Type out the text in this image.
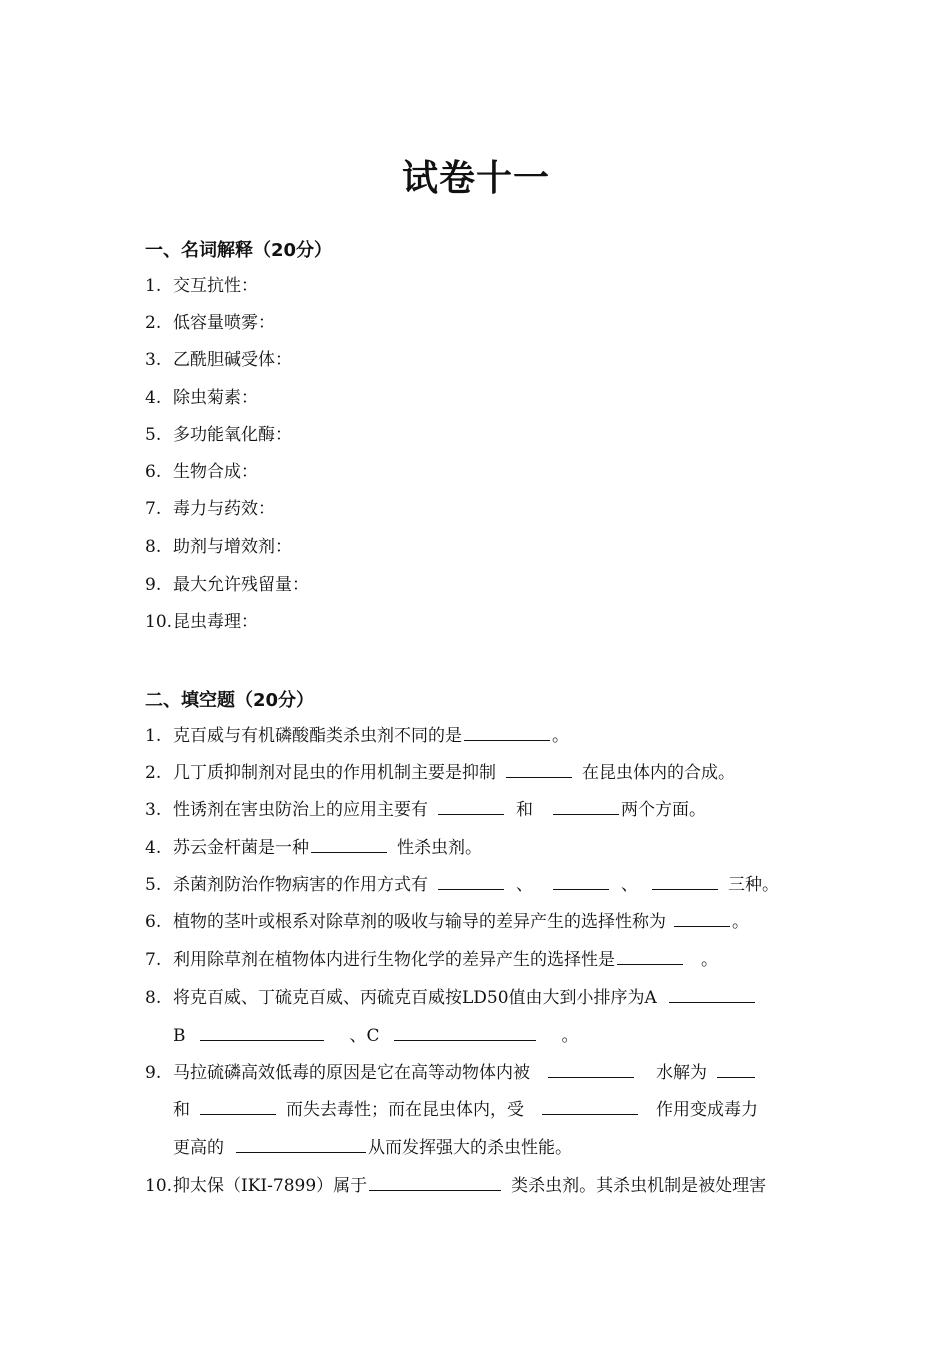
试卷十一
一、名词解释（20分）
1. 交互抗性：
2. 低容量喷雾：
3. 乙酰胆碱受体：
4. 除虫菊素：
5. 多功能氧化酶：
6. 生物合成：
7. 毒力与药效：
8. 助剂与增效剂：
9. 最大允许残留量：
10.昆虫毒理：
二、填空题（20分）
1. 克百威与有机磷酸酯类杀虫剂不同的是	。
2. 几丁质抑制剂对昆虫的作用机制主要是抑制	在昆虫体内的合成。
3. 性诱剂在害虫防治上的应用主要有	和	两个方面。
4. 苏云金杆菌是一种	性杀虫剂。
5. 杀菌剂防治作物病害的作用方式有	、	、	三种。
6. 植物的茎叶或根系对除草剂的吸收与输导的差异产生的选择性称为	。
7. 利用除草剂在植物体内进行生物化学的差异产生的选择性是	。
8. 将克百威、丁硫克百威、丙硫克百威按LD50值由大到小排序为A
B	、C	。
9. 马拉硫磷高效低毒的原因是它在高等动物体内被	水解为
和	而失去毒性；而在昆虫体内，受	作用变成毒力
更高的	从而发挥强大的杀虫性能。
10.抑太保（IKI-7899）属于	类杀虫剂。其杀虫机制是被处理害
